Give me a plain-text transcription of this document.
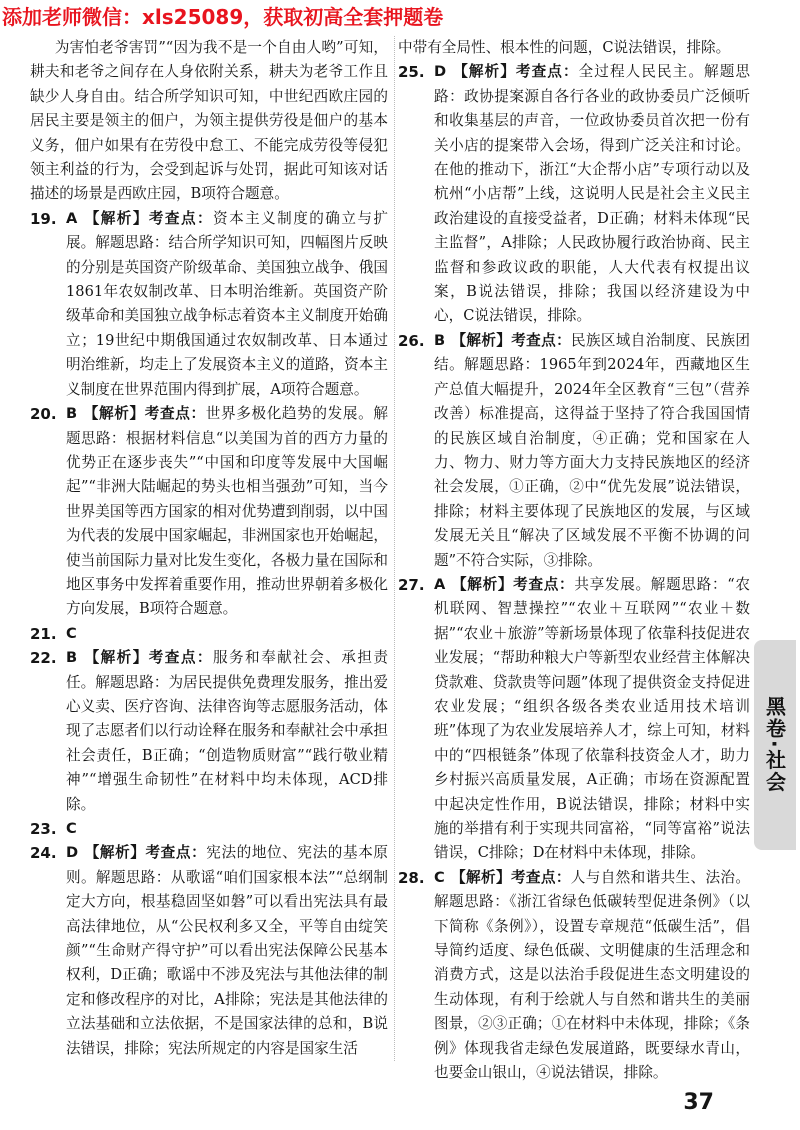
添加老师微信：xls25089，获取初高全套押题卷

为害怕老爷害罚”“因为我不是一个自由人哟”可知，耕夫和老爷之间存在人身依附关系，耕夫为老爷工作且缺少人身自由。结合所学知识可知，中世纪西欧庄园的居民主要是领主的佃户，为领主提供劳役是佃户的基本义务，佃户如果有在劳役中怠工、不能完成劳役等侵犯领主利益的行为，会受到起诉与处罚，据此可知该对话描述的场景是西欧庄园，B项符合题意。

19. A 【解析】考查点：资本主义制度的确立与扩展。解题思路：结合所学知识可知，四幅图片反映的分别是英国资产阶级革命、美国独立战争、俄国1861年农奴制改革、日本明治维新。英国资产阶级革命和美国独立战争标志着资本主义制度开始确立；19世纪中期俄国通过农奴制改革、日本通过明治维新，均走上了发展资本主义的道路，资本主义制度在世界范围内得到扩展，A项符合题意。

20. B 【解析】考查点：世界多极化趋势的发展。解题思路：根据材料信息“以美国为首的西方力量的优势正在逐步丧失”“中国和印度等发展中大国崛起”“非洲大陆崛起的势头也相当强劲”可知，当今世界美国等西方国家的相对优势遭到削弱，以中国为代表的发展中国家崛起，非洲国家也开始崛起，使当前国际力量对比发生变化，各极力量在国际和地区事务中发挥着重要作用，推动世界朝着多极化方向发展，B项符合题意。

21. C

22. B 【解析】考查点：服务和奉献社会、承担责任。解题思路：为居民提供免费理发服务，推出爱心义卖、医疗咨询、法律咨询等志愿服务活动，体现了志愿者们以行动诠释在服务和奉献社会中承担社会责任，B正确；“创造物质财富”“践行敬业精神”“增强生命韧性”在材料中均未体现，ACD排除。

23. C

24. D 【解析】考查点：宪法的地位、宪法的基本原则。解题思路：从歌谣“咱们国家根本法”“总纲制定大方向，根基稳固坚如磐”可以看出宪法具有最高法律地位，从“公民权利多又全，平等自由绽笑颜”“生命财产得守护”可以看出宪法保障公民基本权利，D正确；歌谣中不涉及宪法与其他法律的制定和修改程序的对比，A排除；宪法是其他法律的立法基础和立法依据，不是国家法律的总和，B说法错误，排除；宪法所规定的内容是国家生活

中带有全局性、根本性的问题，C说法错误，排除。

25. D 【解析】考查点：全过程人民民主。解题思路：政协提案源自各行各业的政协委员广泛倾听和收集基层的声音，一位政协委员首次把一份有关小店的提案带入会场，得到广泛关注和讨论。在他的推动下，浙江“大企帮小店”专项行动以及杭州“小店帮”上线，这说明人民是社会主义民主政治建设的直接受益者，D正确；材料未体现“民主监督”，A排除；人民政协履行政治协商、民主监督和参政议政的职能，人大代表有权提出议案，B说法错误，排除；我国以经济建设为中心，C说法错误，排除。

26. B 【解析】考查点：民族区域自治制度、民族团结。解题思路：1965年到2024年，西藏地区生产总值大幅提升，2024年全区教育“三包”（营养改善）标准提高，这得益于坚持了符合我国国情的民族区域自治制度，④正确；党和国家在人力、物力、财力等方面大力支持民族地区的经济社会发展，①正确，②中“优先发展”说法错误，排除；材料主要体现了民族地区的发展，与区域发展无关且“解决了区域发展不平衡不协调的问题”不符合实际，③排除。

27. A 【解析】考查点：共享发展。解题思路：“农机联网、智慧操控”“农业＋互联网”“农业＋数据”“农业＋旅游”等新场景体现了依靠科技促进农业发展；“帮助种粮大户等新型农业经营主体解决贷款难、贷款贵等问题”体现了提供资金支持促进农业发展；“组织各级各类农业适用技术培训班”体现了为农业发展培养人才，综上可知，材料中的“四根链条”体现了依靠科技资金人才，助力乡村振兴高质量发展，A正确；市场在资源配置中起决定性作用，B说法错误，排除；材料中实施的举措有利于实现共同富裕，“同等富裕”说法错误，C排除；D在材料中未体现，排除。

28. C 【解析】考查点：人与自然和谐共生、法治。解题思路：《浙江省绿色低碳转型促进条例》（以下简称《条例》），设置专章规范“低碳生活”，倡导简约适度、绿色低碳、文明健康的生活理念和消费方式，这是以法治手段促进生态文明建设的生动体现，有利于绘就人与自然和谐共生的美丽图景，②③正确；①在材料中未体现，排除；《条例》体现我省走绿色发展道路，既要绿水青山，也要金山银山，④说法错误，排除。

黑卷·社会
37
